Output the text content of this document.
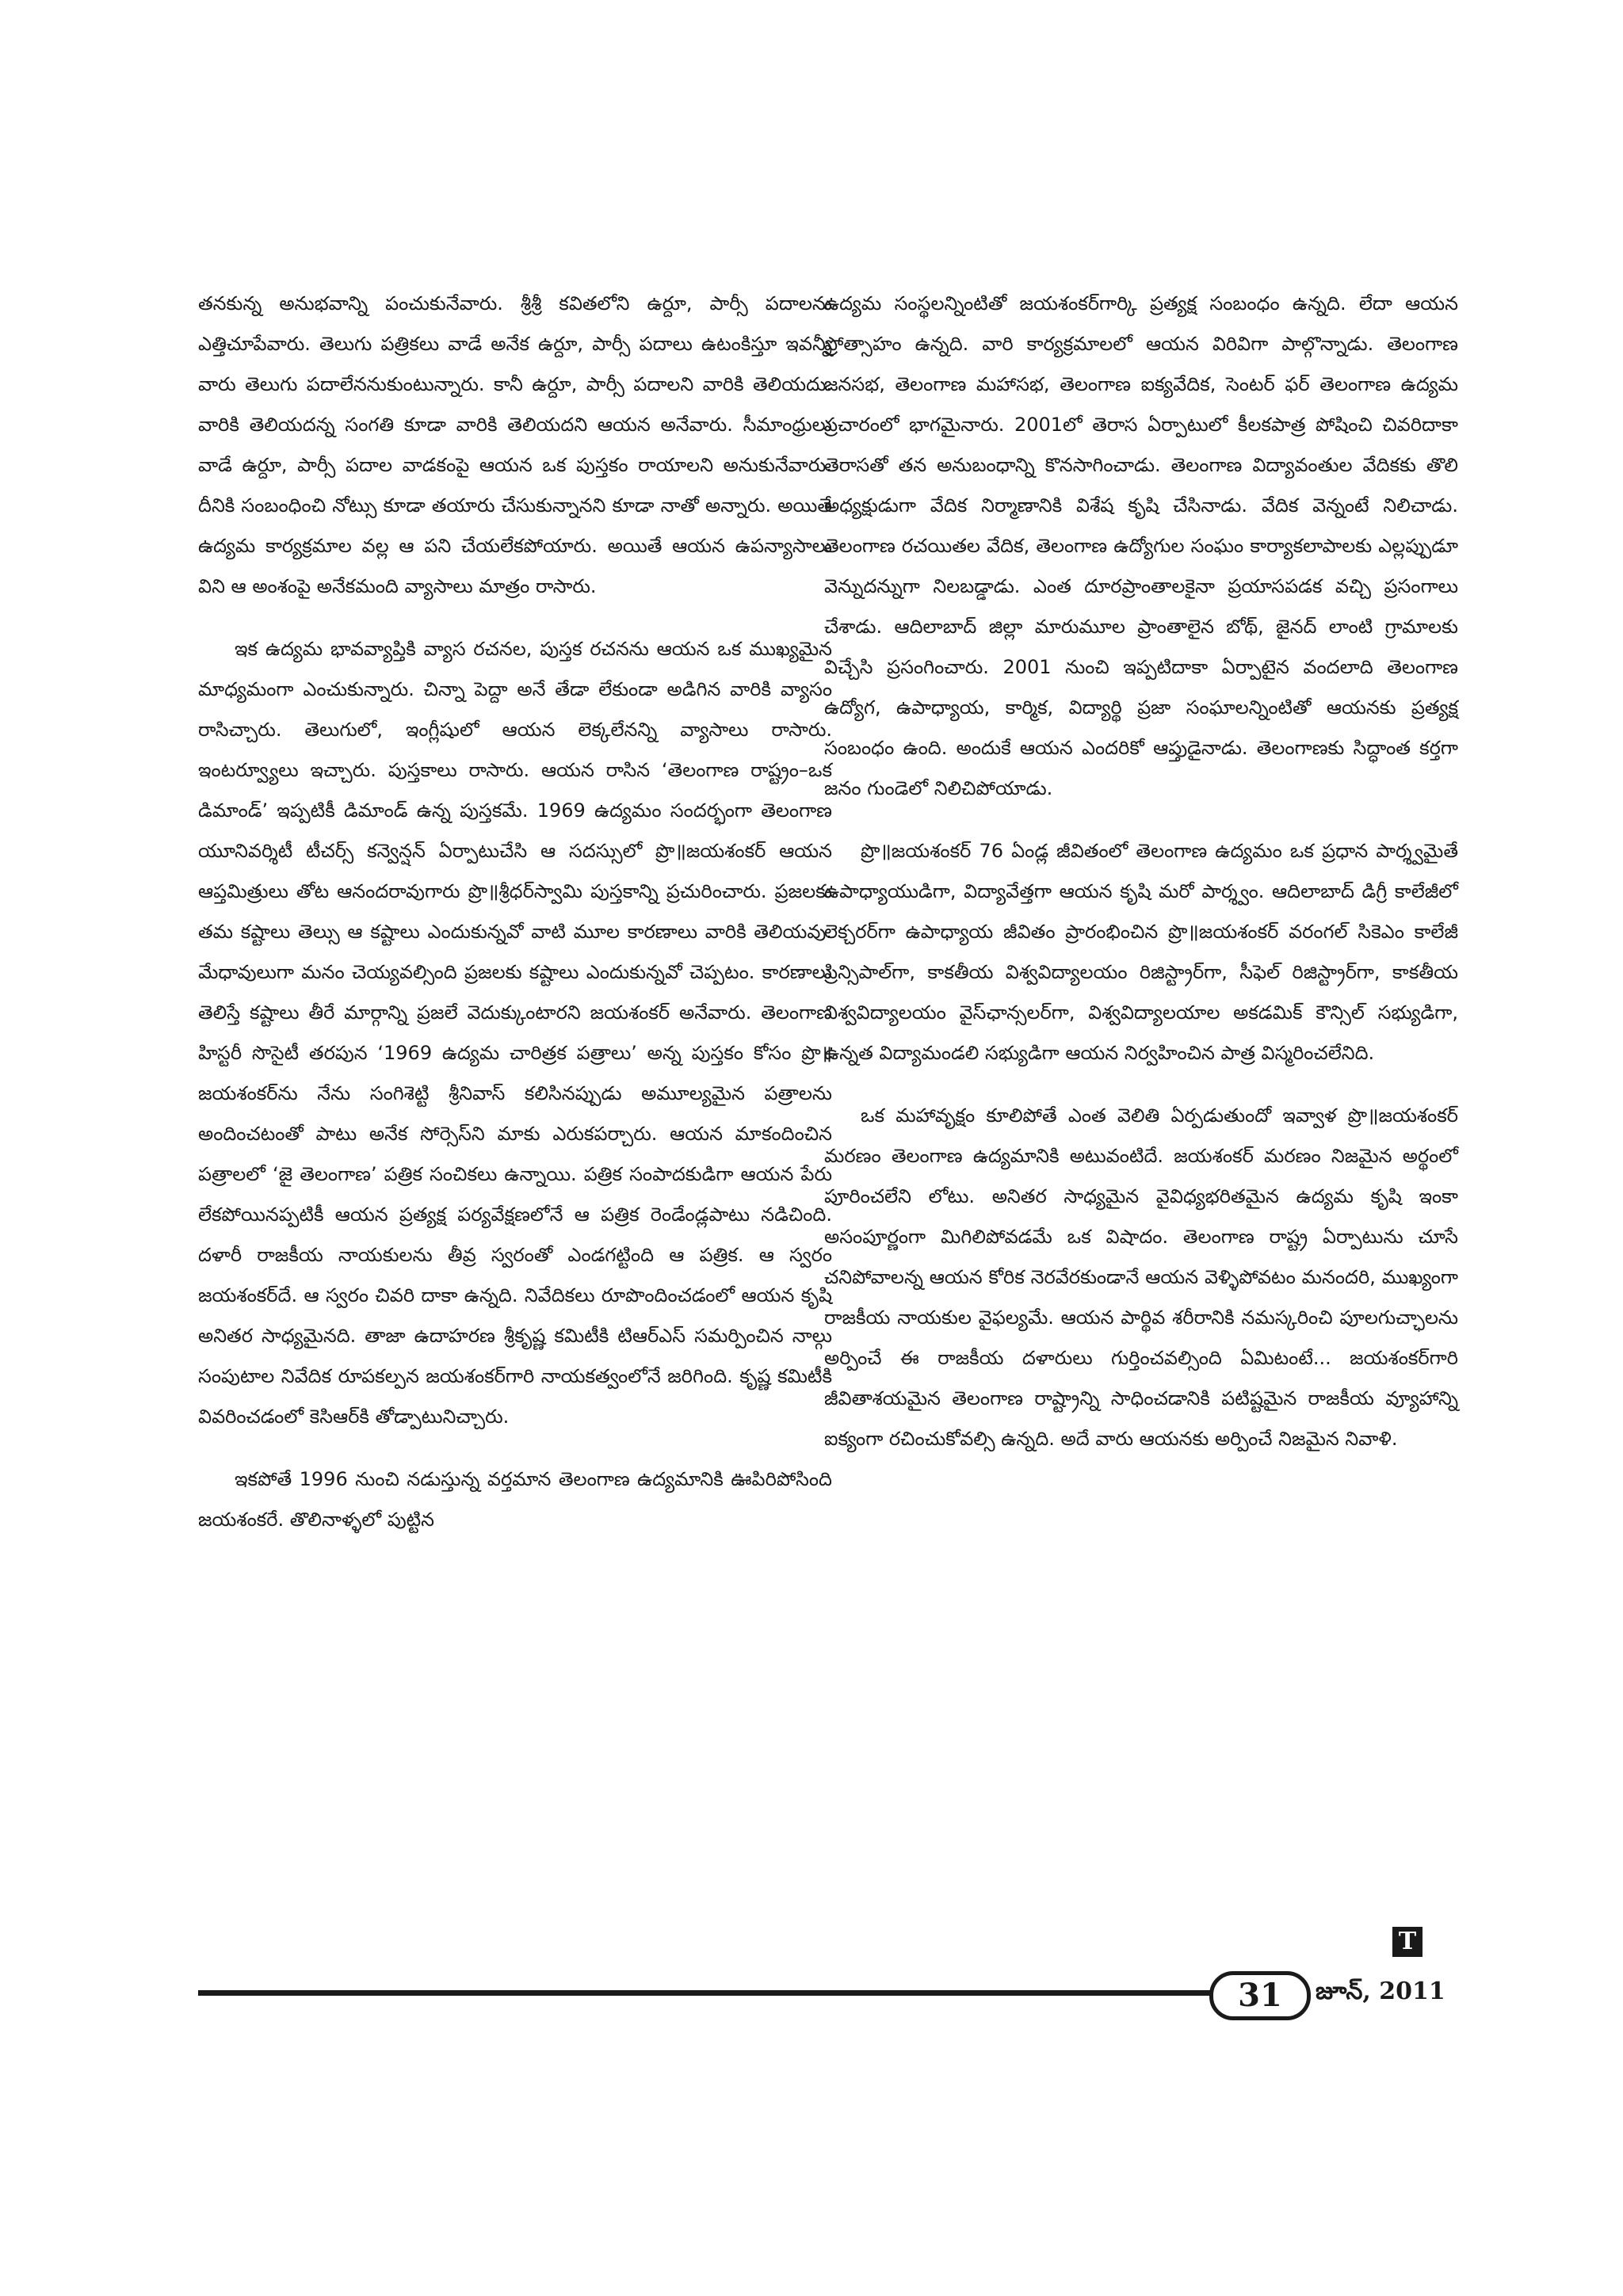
తనకున్న అనుభవాన్ని పంచుకునేవారు. శ్రీశ్రీ కవితలోని ఉర్దూ, పార్సీ పదాలను ఎత్తిచూపేవారు. తెలుగు పత్రికలు వాడే అనేక ఉర్దూ, పార్సీ పదాలు ఉటంకిస్తూ ఇవన్నీ వారు తెలుగు పదాలేననుకుంటున్నారు. కానీ ఉర్దూ, పార్సీ పదాలని వారికి తెలియదు. వారికి తెలియదన్న సంగతి కూడా వారికి తెలియదని ఆయన అనేవారు. సీమాంధ్రులు వాడే ఉర్దూ, పార్సీ పదాల వాడకంపై ఆయన ఒక పుస్తకం రాయాలని అనుకునేవారు. దీనికి సంబంధించి నోట్సు కూడా తయారు చేసుకున్నానని కూడా నాతో అన్నారు. అయితే ఉద్యమ కార్యక్రమాల వల్ల ఆ పని చేయలేకపోయారు. అయితే ఆయన ఉపన్యాసాలు విని ఆ అంశంపై అనేకమంది వ్యాసాలు మాత్రం రాసారు.

ఇక ఉద్యమ భావవ్యాప్తికి వ్యాస రచనల, పుస్తక రచనను ఆయన ఒక ముఖ్యమైన మాధ్యమంగా ఎంచుకున్నారు. చిన్నా పెద్దా అనే తేడా లేకుండా అడిగిన వారికి వ్యాసం రాసిచ్చారు. తెలుగులో, ఇంగ్లీషులో ఆయన లెక్కలేనన్ని వ్యాసాలు రాసారు. ఇంటర్వ్యూలు ఇచ్చారు. పుస్తకాలు రాసారు. ఆయన రాసిన ‘తెలంగాణ రాష్ట్రం–ఒక డిమాండ్’ ఇప్పటికీ డిమాండ్ ఉన్న పుస్తకమే. 1969 ఉద్యమం సందర్భంగా తెలంగాణ యూనివర్శిటీ టీచర్స్ కన్వెన్షన్ ఏర్పాటుచేసి ఆ సదస్సులో ప్రొ॥జయశంకర్ ఆయన ఆప్తమిత్రులు తోట ఆనందరావుగారు ప్రొ॥శ్రీధర్‌స్వామి పుస్తకాన్ని ప్రచురించారు. ప్రజలకు తమ కష్టాలు తెల్సు ఆ కష్టాలు ఎందుకున్నవో వాటి మూల కారణాలు వారికి తెలియవు. మేధావులుగా మనం చెయ్యవల్సింది ప్రజలకు కష్టాలు ఎందుకున్నవో చెప్పటం. కారణాలు తెలిస్తే కష్టాలు తీరే మార్గాన్ని ప్రజలే వెదుక్కుంటారని జయశంకర్ అనేవారు. తెలంగాణ హిస్టరీ సొసైటీ తరపున ‘1969 ఉద్యమ చారిత్రక పత్రాలు’ అన్న పుస్తకం కోసం ప్రొ॥జయశంకర్‌ను నేను సంగిశెట్టి శ్రీనివాస్ కలిసినప్పుడు అమూల్యమైన పత్రాలను అందించటంతో పాటు అనేక సోర్సెస్‌ని మాకు ఎరుకపర్చారు. ఆయన మాకందించిన పత్రాలలో ‘జై తెలంగాణ’ పత్రిక సంచికలు ఉన్నాయి. పత్రిక సంపాదకుడిగా ఆయన పేరు లేకపోయినప్పటికీ ఆయన ప్రత్యక్ష పర్యవేక్షణలోనే ఆ పత్రిక రెండేండ్లపాటు నడిచింది. దళారీ రాజకీయ నాయకులను తీవ్ర స్వరంతో ఎండగట్టింది ఆ పత్రిక. ఆ స్వరం జయశంకర్‌దే. ఆ స్వరం చివరి దాకా ఉన్నది. నివేదికలు రూపొందించడంలో ఆయన కృషి అనితర సాధ్యమైనది. తాజా ఉదాహరణ శ్రీకృష్ణ కమిటీకి టిఆర్ఎస్ సమర్పించిన నాల్గు సంపుటాల నివేదిక రూపకల్పన జయశంకర్‌గారి నాయకత్వంలోనే జరిగింది. కృష్ణ కమిటీకి వివరించడంలో కెసిఆర్‌కి తోడ్పాటునిచ్చారు.

ఇకపోతే 1996 నుంచి నడుస్తున్న వర్తమాన తెలంగాణ ఉద్యమానికి ఊపిరిపోసింది జయశంకరే. తొలినాళ్ళలో పుట్టిన

ఉద్యమ సంస్థలన్నింటితో జయశంకర్‌గార్కి ప్రత్యక్ష సంబంధం ఉన్నది. లేదా ఆయన ప్రోత్సాహం ఉన్నది. వారి కార్యక్రమాలలో ఆయన విరివిగా పాల్గొన్నాడు. తెలంగాణ జనసభ, తెలంగాణ మహాసభ, తెలంగాణ ఐక్యవేదిక, సెంటర్ ఫర్ తెలంగాణ ఉద్యమ ప్రచారంలో భాగమైనారు. 2001లో తెరాస ఏర్పాటులో కీలకపాత్ర పోషించి చివరిదాకా తెరాసతో తన అనుబంధాన్ని కొనసాగించాడు. తెలంగాణ విద్యావంతుల వేదికకు తొలి అధ్యక్షుడుగా వేదిక నిర్మాణానికి విశేష కృషి చేసినాడు. వేదిక వెన్నంటే నిలిచాడు. తెలంగాణ రచయితల వేదిక, తెలంగాణ ఉద్యోగుల సంఘం కార్యాకలాపాలకు ఎల్లప్పుడూ వెన్నుదన్నుగా నిలబడ్డాడు. ఎంత దూరప్రాంతాలకైనా ప్రయాసపడక వచ్చి ప్రసంగాలు చేశాడు. ఆదిలాబాద్ జిల్లా మారుమూల ప్రాంతాలైన బోథ్, జైనద్ లాంటి గ్రామాలకు విచ్చేసి ప్రసంగించారు. 2001 నుంచి ఇప్పటిదాకా ఏర్పాటైన వందలాది తెలంగాణ ఉద్యోగ, ఉపాధ్యాయ, కార్మిక, విద్యార్థి ప్రజా సంఘాలన్నింటితో ఆయనకు ప్రత్యక్ష సంబంధం ఉంది. అందుకే ఆయన ఎందరికో ఆప్తుడైనాడు. తెలంగాణకు సిద్ధాంత కర్తగా జనం గుండెలో నిలిచిపోయాడు.

ప్రొ॥జయశంకర్ 76 ఏండ్ల జీవితంలో తెలంగాణ ఉద్యమం ఒక ప్రధాన పార్శ్వమైతే ఉపాధ్యాయుడిగా, విద్యావేత్తగా ఆయన కృషి మరో పార్శ్వం. ఆదిలాబాద్ డిగ్రీ కాలేజీలో లెక్చరర్‌గా ఉపాధ్యాయ జీవితం ప్రారంభించిన ప్రొ॥జయశంకర్ వరంగల్ సికెఎం కాలేజీ ప్రిన్సిపాల్‌గా, కాకతీయ విశ్వవిద్యాలయం రిజిస్ట్రార్‌గా, సీఫెల్ రిజిస్ట్రార్‌గా, కాకతీయ విశ్వవిద్యాలయం వైస్‌ఛాన్సలర్‌గా, విశ్వవిద్యాలయాల అకడమిక్ కౌన్సిల్ సభ్యుడిగా, ఉన్నత విద్యామండలి సభ్యుడిగా ఆయన నిర్వహించిన పాత్ర విస్మరించలేనిది.

ఒక మహావృక్షం కూలిపోతే ఎంత వెలితి ఏర్పడుతుందో ఇవ్వాళ ప్రొ॥జయశంకర్ మరణం తెలంగాణ ఉద్యమానికి అటువంటిదే. జయశంకర్ మరణం నిజమైన అర్థంలో పూరించలేని లోటు. అనితర సాధ్యమైన వైవిధ్యభరితమైన ఉద్యమ కృషి ఇంకా అసంపూర్ణంగా మిగిలిపోవడమే ఒక విషాదం. తెలంగాణ రాష్ట్ర ఏర్పాటును చూసే చనిపోవాలన్న ఆయన కోరిక నెరవేరకుండానే ఆయన వెళ్ళిపోవటం మనందరి, ముఖ్యంగా రాజకీయ నాయకుల వైఫల్యమే. ఆయన పార్థివ శరీరానికి నమస్కరించి పూలగుచ్ఛాలను అర్పించే ఈ రాజకీయ దళారులు గుర్తించవల్సింది ఏమిటంటే... జయశంకర్‌గారి జీవితాశయమైన తెలంగాణ రాష్ట్రాన్ని సాధించడానికి పటిష్టమైన రాజకీయ వ్యూహాన్ని ఐక్యంగా రచించుకోవల్సి ఉన్నది. అదే వారు ఆయనకు అర్పించే నిజమైన నివాళి.

T
31	జూన్, 2011
